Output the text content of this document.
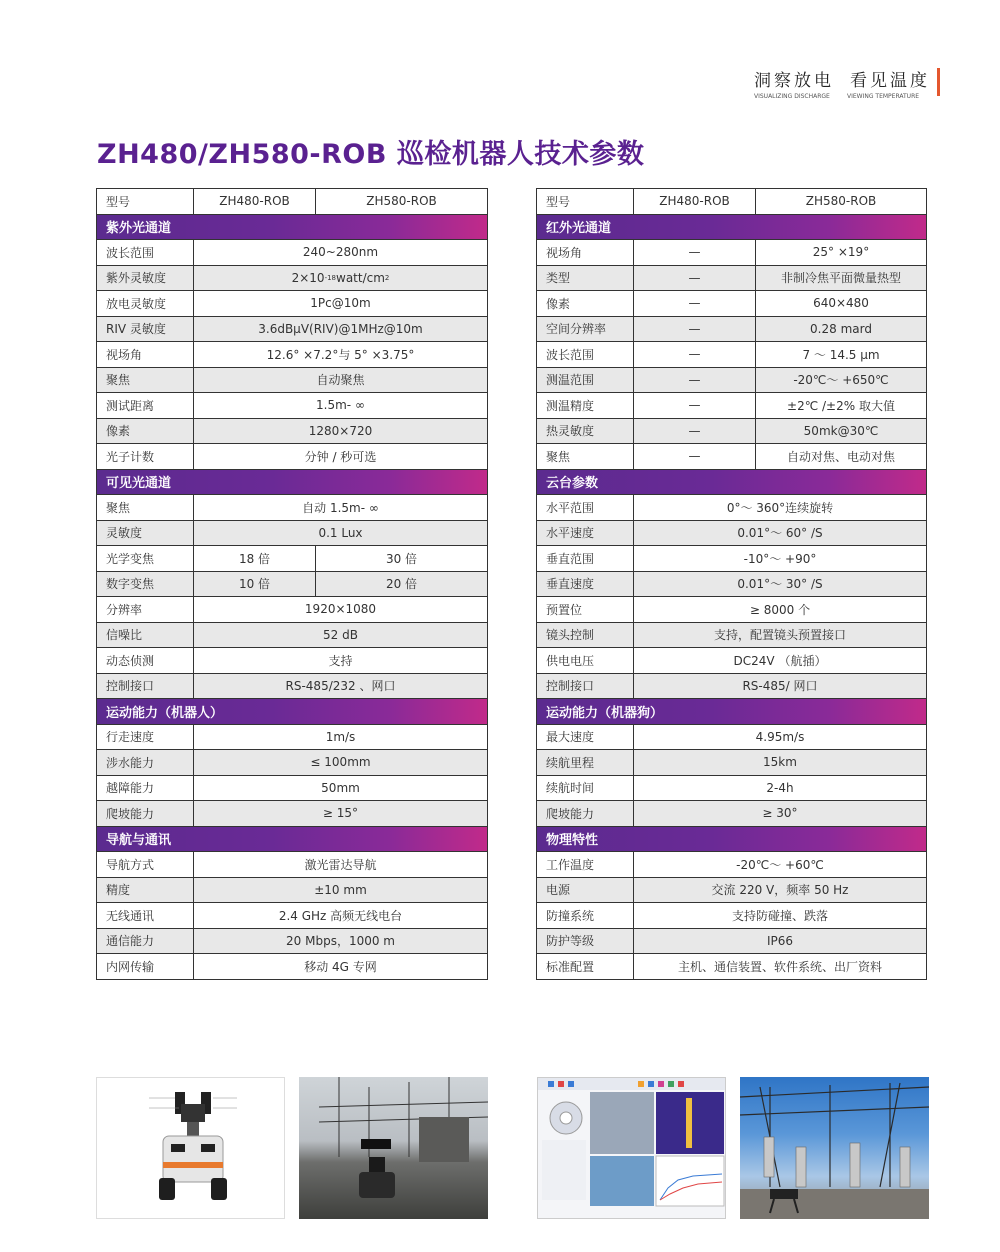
洞察放电 看见温度
VISUALIZING DISCHARGE	VIEWING TEMPERATURE
ZH480/ZH580-ROB 巡检机器人技术参数
型号	ZH480-ROB	ZH580-ROB
紫外光通道
波长范围	240~280nm
紫外灵敏度	2×10 -18 watt/cm 2
放电灵敏度	1Pc@10m
RIV 灵敏度	3.6dBμV(RIV)@1MHz@10m
视场角	12.6° ×7.2°与 5° ×3.75°
聚焦	自动聚焦
测试距离	1.5m- ∞
像素	1280×720
光子计数	分钟 / 秒可选
可见光通道
聚焦	自动 1.5m- ∞
灵敏度	0.1 Lux
光学变焦	18 倍	30 倍
数字变焦	10 倍	20 倍
分辨率	1920×1080
信噪比	52 dB
动态侦测	支持
控制接口	RS-485/232 、网口
运动能力（机器人）
行走速度	1m/s
涉水能力	≤ 100mm
越障能力	50mm
爬坡能力	≥ 15°
导航与通讯
导航方式	激光雷达导航
精度	±10 mm
无线通讯	2.4 GHz 高频无线电台
通信能力	20 Mbps，1000 m
内网传输	移动 4G 专网
型号	ZH480-ROB	ZH580-ROB
红外光通道
视场角	—	25° ×19°
类型	—	非制冷焦平面微量热型
像素	—	640×480
空间分辨率	—	0.28 mard
波长范围	—	7 ～ 14.5 μm
测温范围	—	-20℃～ +650℃
测温精度	—	±2℃ /±2% 取大值
热灵敏度	—	50mk@30℃
聚焦	—	自动对焦、电动对焦
云台参数
水平范围	0°～ 360°连续旋转
水平速度	0.01°～ 60° /S
垂直范围	-10°～ +90°
垂直速度	0.01°～ 30° /S
预置位	≥ 8000 个
镜头控制	支持，配置镜头预置接口
供电电压	DC24V （航插）
控制接口	RS-485/ 网口
运动能力（机器狗）
最大速度	4.95m/s
续航里程	15km
续航时间	2-4h
爬坡能力	≥ 30°
物理特性
工作温度	-20℃～ +60℃
电源	交流 220 V，频率 50 Hz
防撞系统	支持防碰撞、跌落
防护等级	IP66
标准配置	主机、通信装置、软件系统、出厂资料
